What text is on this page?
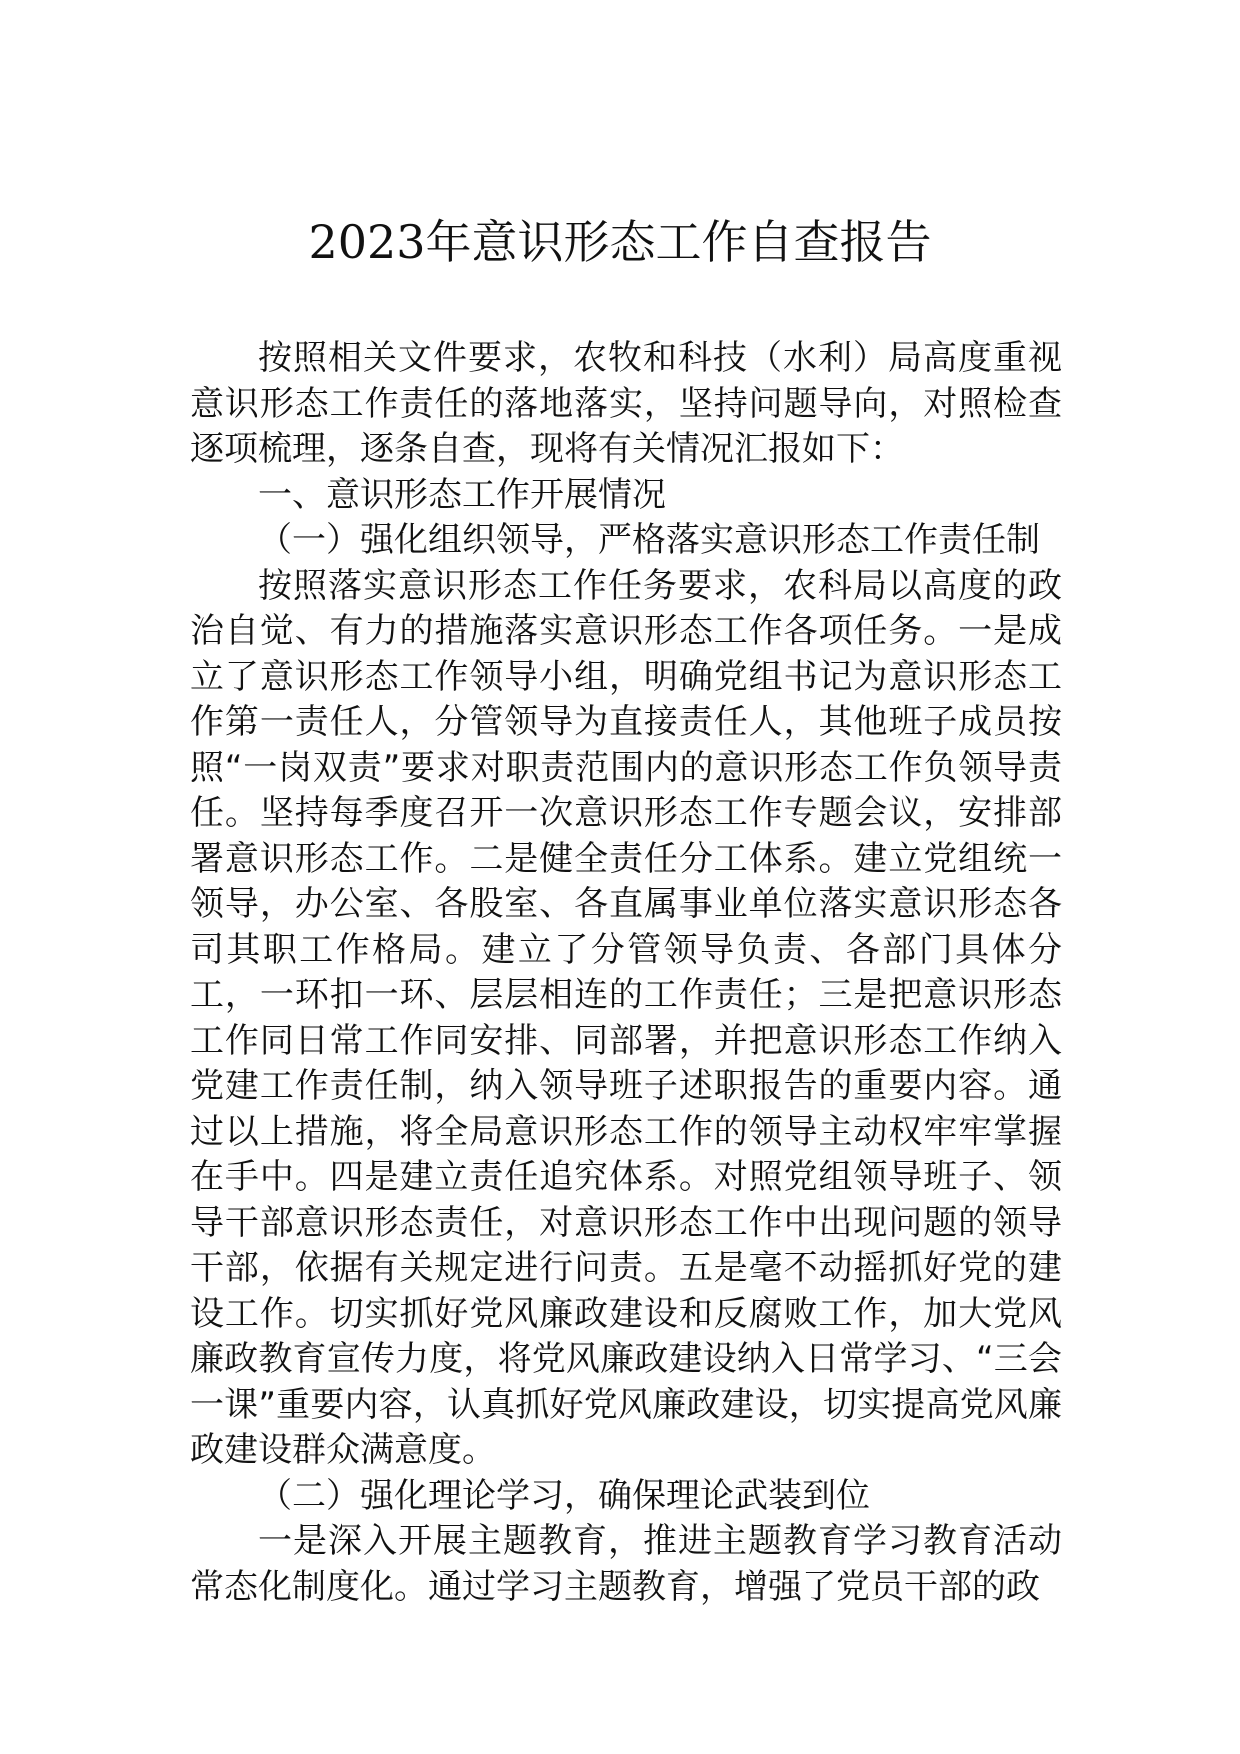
2023年意识形态工作自查报告

按照相关文件要求，农牧和科技（水利）局高度重视意识形态工作责任的落地落实，坚持问题导向，对照检查逐项梳理，逐条自查，现将有关情况汇报如下：

一、意识形态工作开展情况

（一）强化组织领导，严格落实意识形态工作责任制

按照落实意识形态工作任务要求，农科局以高度的政治自觉、有力的措施落实意识形态工作各项任务。一是成立了意识形态工作领导小组，明确党组书记为意识形态工作第一责任人，分管领导为直接责任人，其他班子成员按照“一岗双责”要求对职责范围内的意识形态工作负领导责任。坚持每季度召开一次意识形态工作专题会议，安排部署意识形态工作。二是健全责任分工体系。建立党组统一领导，办公室、各股室、各直属事业单位落实意识形态各司其职工作格局。建立了分管领导负责、各部门具体分工，一环扣一环、层层相连的工作责任；三是把意识形态工作同日常工作同安排、同部署，并把意识形态工作纳入党建工作责任制，纳入领导班子述职报告的重要内容。通过以上措施，将全局意识形态工作的领导主动权牢牢掌握在手中。四是建立责任追究体系。对照党组领导班子、领导干部意识形态责任，对意识形态工作中出现问题的领导干部，依据有关规定进行问责。五是毫不动摇抓好党的建设工作。切实抓好党风廉政建设和反腐败工作，加大党风廉政教育宣传力度，将党风廉政建设纳入日常学习、“三会一课”重要内容，认真抓好党风廉政建设，切实提高党风廉政建设群众满意度。

（二）强化理论学习，确保理论武装到位

一是深入开展主题教育，推进主题教育学习教育活动常态化制度化。通过学习主题教育，增强了党员干部的政
